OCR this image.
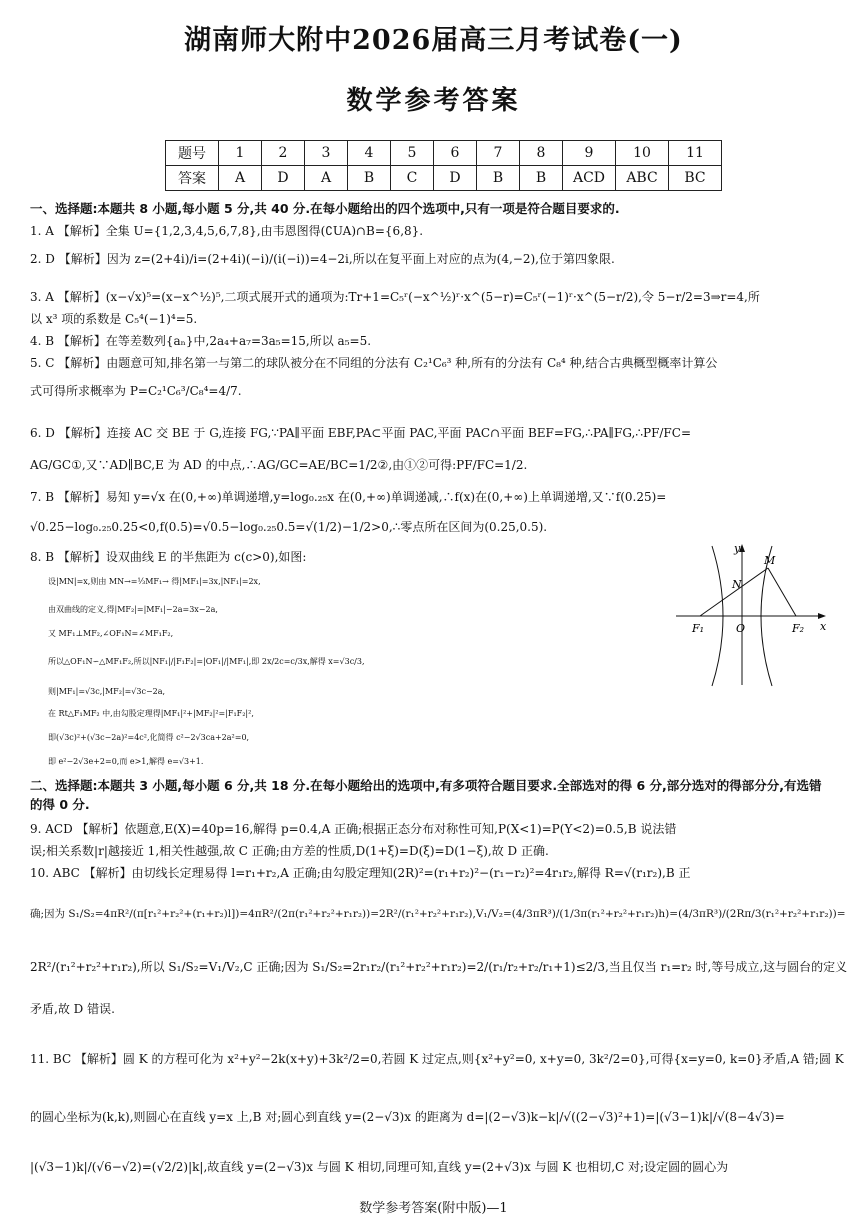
湖南师大附中2026届高三月考试卷(一)
数学参考答案
题号	1	2	3	4	5	6	7	8	9	10	11
答案	A	D	A	B	C	D	B	B	ACD	ABC	BC
一、选择题:本题共 8 小题,每小题 5 分,共 40 分.在每小题给出的四个选项中,只有一项是符合题目要求的.
1. A 【解析】全集 U={1,2,3,4,5,6,7,8},由韦恩图得(∁UA)∩B={6,8}.
2. D 【解析】因为 z=(2+4i)/i=(2+4i)(−i)/(i(−i))=4−2i,所以在复平面上对应的点为(4,−2),位于第四象限.
3. A 【解析】(x−√x)⁵=(x−x^½)⁵,二项式展开式的通项为:Tr+1=C₅ʳ(−x^½)ʳ·x^(5−r)=C₅ʳ(−1)ʳ·x^(5−r/2),令 5−r/2=3⇒r=4,所
以 x³ 项的系数是 C₅⁴(−1)⁴=5.
4. B 【解析】在等差数列{aₙ}中,2a₄+a₇=3a₅=15,所以 a₅=5.
5. C 【解析】由题意可知,排名第一与第二的球队被分在不同组的分法有 C₂¹C₆³ 种,所有的分法有 C₈⁴ 种,结合古典概型概率计算公
式可得所求概率为 P=C₂¹C₆³/C₈⁴=4/7.
6. D 【解析】连接 AC 交 BE 于 G,连接 FG,∵PA∥平面 EBF,PA⊂平面 PAC,平面 PAC∩平面 BEF=FG,∴PA∥FG,∴PF/FC=
AG/GC①,又∵AD∥BC,E 为 AD 的中点,∴AG/GC=AE/BC=1/2②,由①②可得:PF/FC=1/2.
7. B 【解析】易知 y=√x 在(0,+∞)单调递增,y=log₀.₂₅x 在(0,+∞)单调递减,∴f(x)在(0,+∞)上单调递增,又∵f(0.25)=
√0.25−log₀.₂₅0.25<0,f(0.5)=√0.5−log₀.₂₅0.5=√(1/2)−1/2>0,∴零点所在区间为(0.25,0.5).
8. B 【解析】设双曲线 E 的半焦距为 c(c>0),如图:
设|MN|=x,则由 MN→=⅓MF₁→ 得|MF₁|=3x,|NF₁|=2x,
由双曲线的定义,得|MF₂|=|MF₁|−2a=3x−2a,
又 MF₁⊥MF₂,∠OF₁N=∠MF₁F₂,
所以△OF₁N∽△MF₁F₂,所以|NF₁|/|F₁F₂|=|OF₁|/|MF₁|,即 2x/2c=c/3x,解得 x=√3c/3,
则|MF₁|=√3c,|MF₂|=√3c−2a,
在 Rt△F₁MF₂ 中,由勾股定理得|MF₁|²+|MF₂|²=|F₁F₂|²,
即(√3c)²+(√3c−2a)²=4c²,化简得 c²−2√3ca+2a²=0,
即 e²−2√3e+2=0,而 e>1,解得 e=√3+1.
二、选择题:本题共 3 小题,每小题 6 分,共 18 分.在每小题给出的选项中,有多项符合题目要求.全部选对的得 6 分,部分选对的得部分分,有选错的得 0 分.
9. ACD 【解析】依题意,E(X)=40p=16,解得 p=0.4,A 正确;根据正态分布对称性可知,P(X<1)=P(Y<2)=0.5,B 说法错
误;相关系数|r|越接近 1,相关性越强,故 C 正确;由方差的性质,D(1+ξ)=D(ξ)=D(1−ξ),故 D 正确.
10. ABC 【解析】由切线长定理易得 l=r₁+r₂,A 正确;由勾股定理知(2R)²=(r₁+r₂)²−(r₁−r₂)²=4r₁r₂,解得 R=√(r₁r₂),B 正
确;因为 S₁/S₂=4πR²/(π[r₁²+r₂²+(r₁+r₂)l])=4πR²/(2π(r₁²+r₂²+r₁r₂))=2R²/(r₁²+r₂²+r₁r₂),V₁/V₂=(4/3πR³)/(1/3π(r₁²+r₂²+r₁r₂)h)=(4/3πR³)/(2Rπ/3(r₁²+r₂²+r₁r₂))=
2R²/(r₁²+r₂²+r₁r₂),所以 S₁/S₂=V₁/V₂,C 正确;因为 S₁/S₂=2r₁r₂/(r₁²+r₂²+r₁r₂)=2/(r₁/r₂+r₂/r₁+1)≤2/3,当且仅当 r₁=r₂ 时,等号成立,这与圆台的定义
矛盾,故 D 错误.
11. BC 【解析】圆 K 的方程可化为 x²+y²−2k(x+y)+3k²/2=0,若圆 K 过定点,则{x²+y²=0, x+y=0, 3k²/2=0},可得{x=y=0, k=0}矛盾,A 错;圆 K
的圆心坐标为(k,k),则圆心在直线 y=x 上,B 对;圆心到直线 y=(2−√3)x 的距离为 d=|(2−√3)k−k|/√((2−√3)²+1)=|(√3−1)k|/√(8−4√3)=
|(√3−1)k|/(√6−√2)=(√2/2)|k|,故直线 y=(2−√3)x 与圆 K 相切,同理可知,直线 y=(2+√3)x 与圆 K 也相切,C 对;设定圆的圆心为
y
x
M
N
F₁	O	F₂
数学参考答案(附中版)—1
